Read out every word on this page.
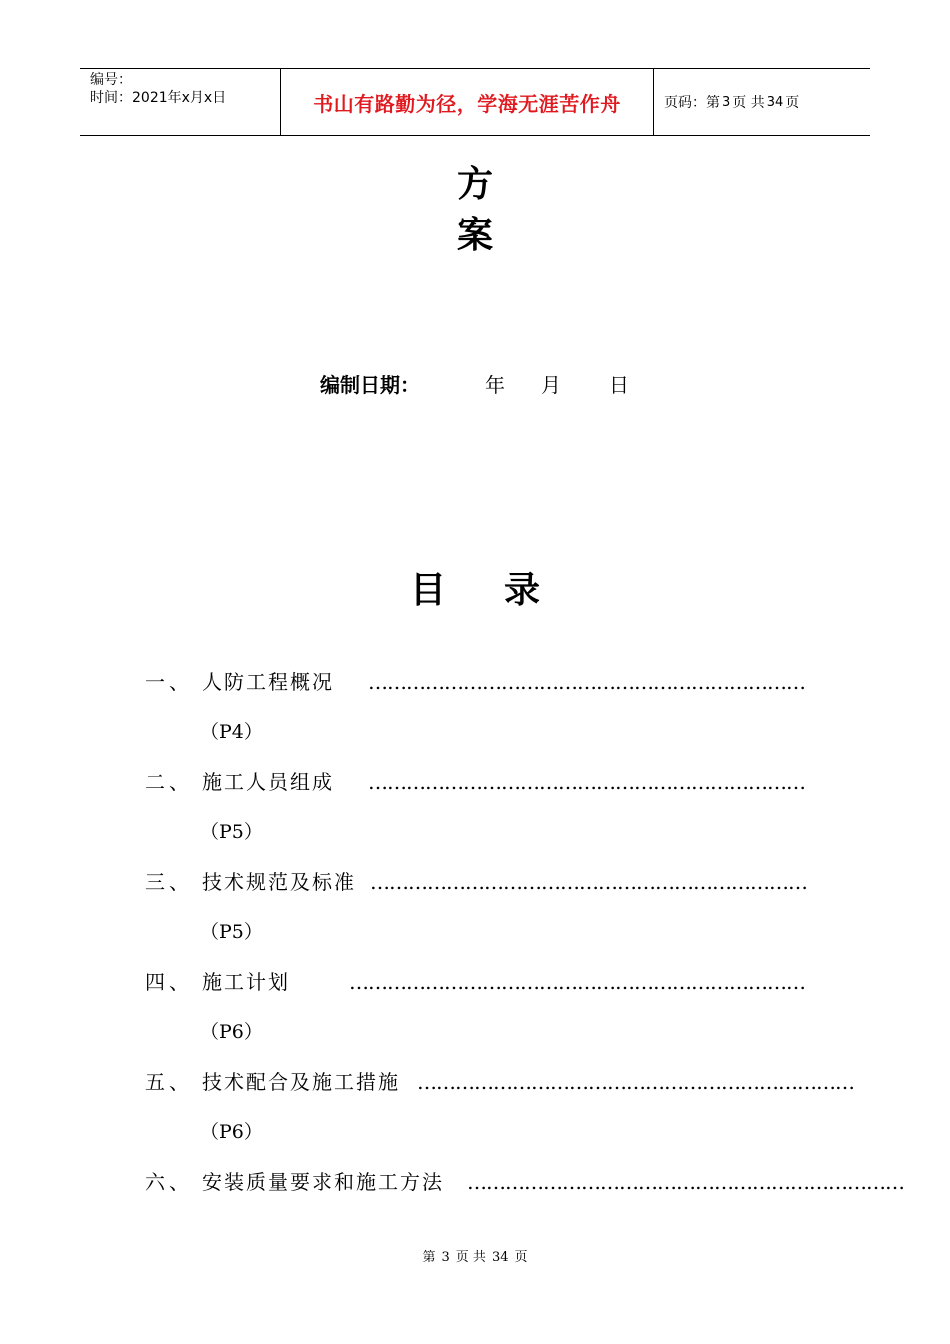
编号：
时间：2021年x月x日	书山有路勤为径，学海无涯苦作舟	页码：第 3 页 共 34 页
方
案
编制日期：	年 月 日
目 录
一、 人防工程概况	……………………………………………………………
（P4）
二、 施工人员组成	……………………………………………………………
（P5）
三、 技术规范及标准 ……………………………………………………………
（P5）
四、 施工计划	………………………………………………………………
（P6）
五、 技术配合及施工措施 ……………………………………………………………
（P6）
六、 安装质量要求和施工方法 ……………………………………………………………
第 3 页 共 34 页
